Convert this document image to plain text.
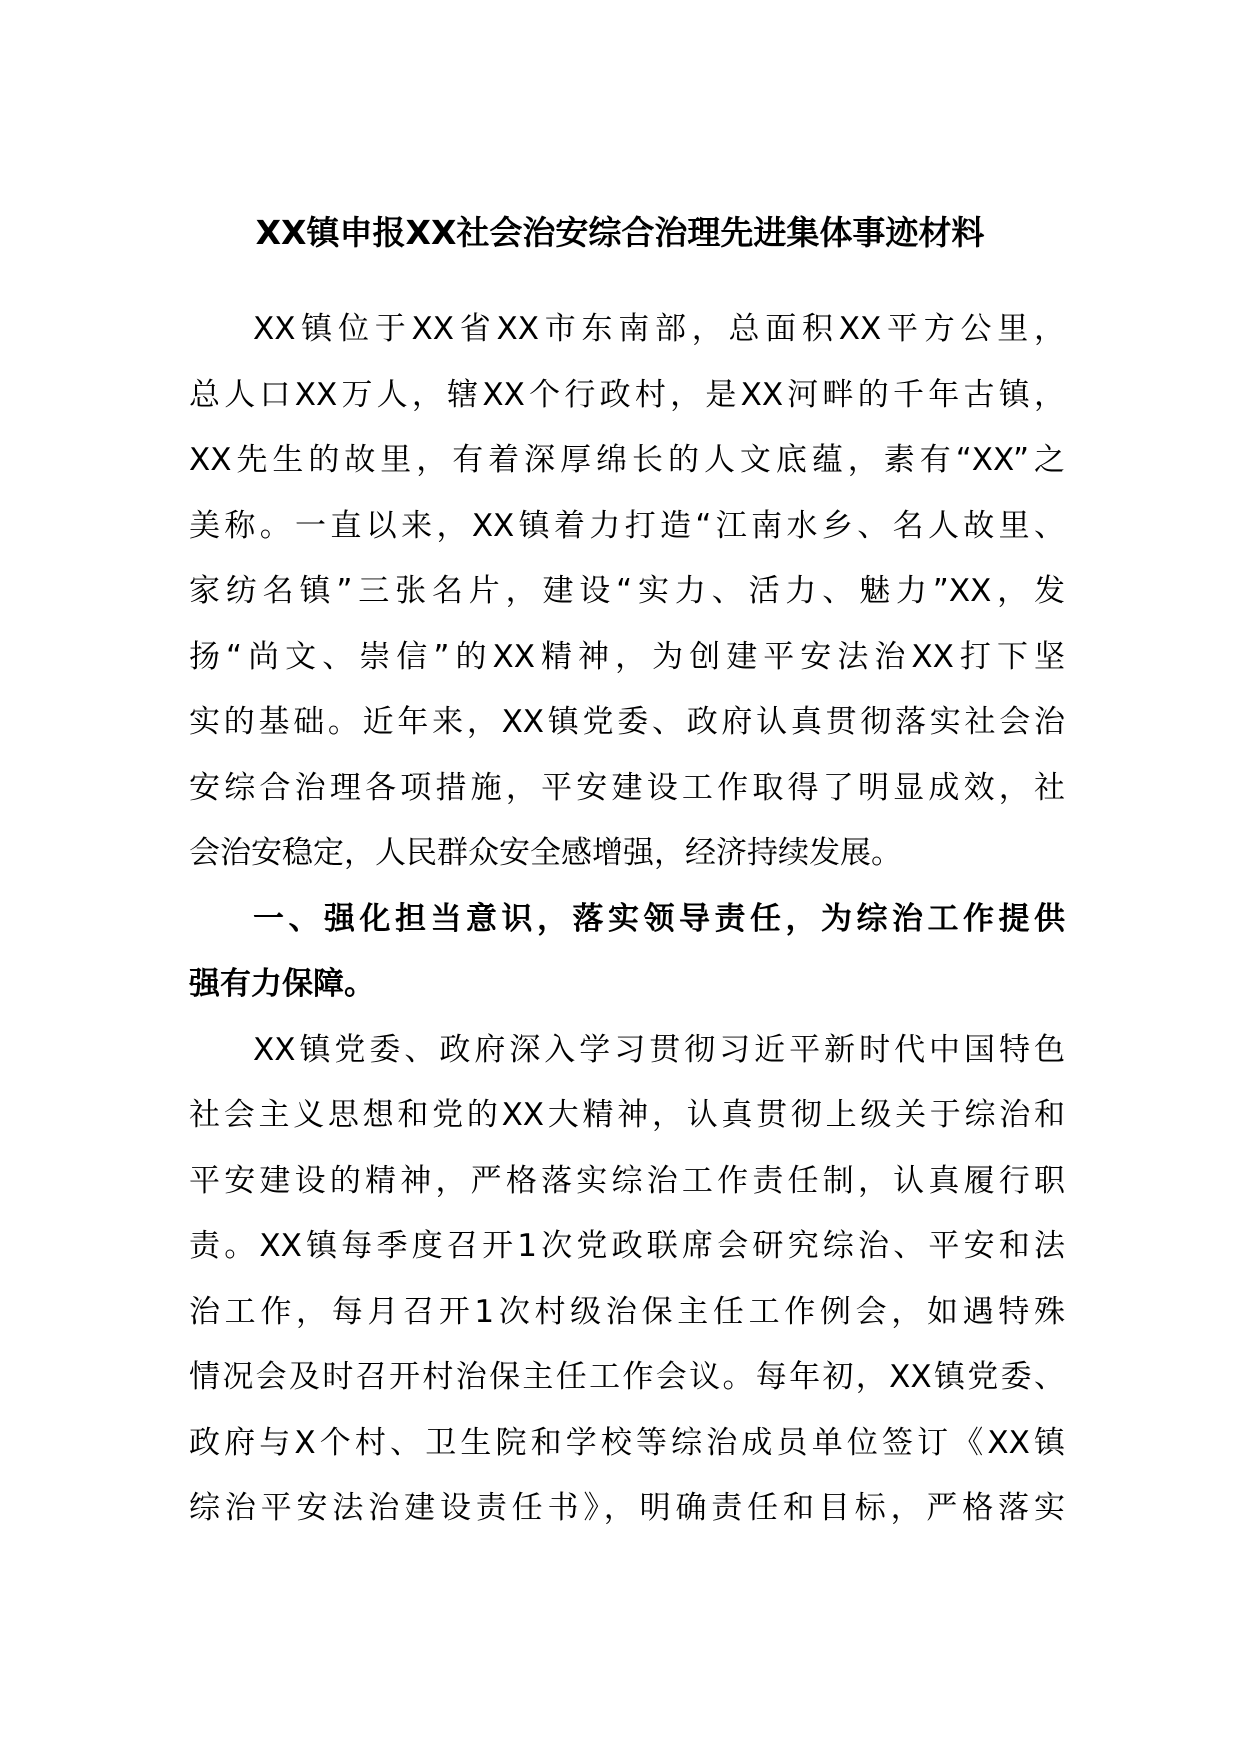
XX镇申报XX社会治安综合治理先进集体事迹材料
XX镇位于XX省XX市东南部，总面积XX平方公里，
总人口XX万人，辖XX个行政村，是XX河畔的千年古镇，
XX先生的故里，有着深厚绵长的人文底蕴，素有“XX”之
美称。一直以来，XX镇着力打造“江南水乡、名人故里、
家纺名镇”三张名片，建设“实力、活力、魅力”XX，发
扬“尚文、崇信”的XX精神，为创建平安法治XX打下坚
实的基础。近年来，XX镇党委、政府认真贯彻落实社会治
安综合治理各项措施，平安建设工作取得了明显成效，社
会治安稳定，人民群众安全感增强，经济持续发展。
一、强化担当意识，落实领导责任，为综治工作提供
强有力保障。
XX镇党委、政府深入学习贯彻习近平新时代中国特色
社会主义思想和党的XX大精神，认真贯彻上级关于综治和
平安建设的精神，严格落实综治工作责任制，认真履行职
责。XX镇每季度召开1次党政联席会研究综治、平安和法
治工作，每月召开1次村级治保主任工作例会，如遇特殊
情况会及时召开村治保主任工作会议。每年初，XX镇党委、
政府与X个村、卫生院和学校等综治成员单位签订《XX镇
综治平安法治建设责任书》，明确责任和目标，严格落实
